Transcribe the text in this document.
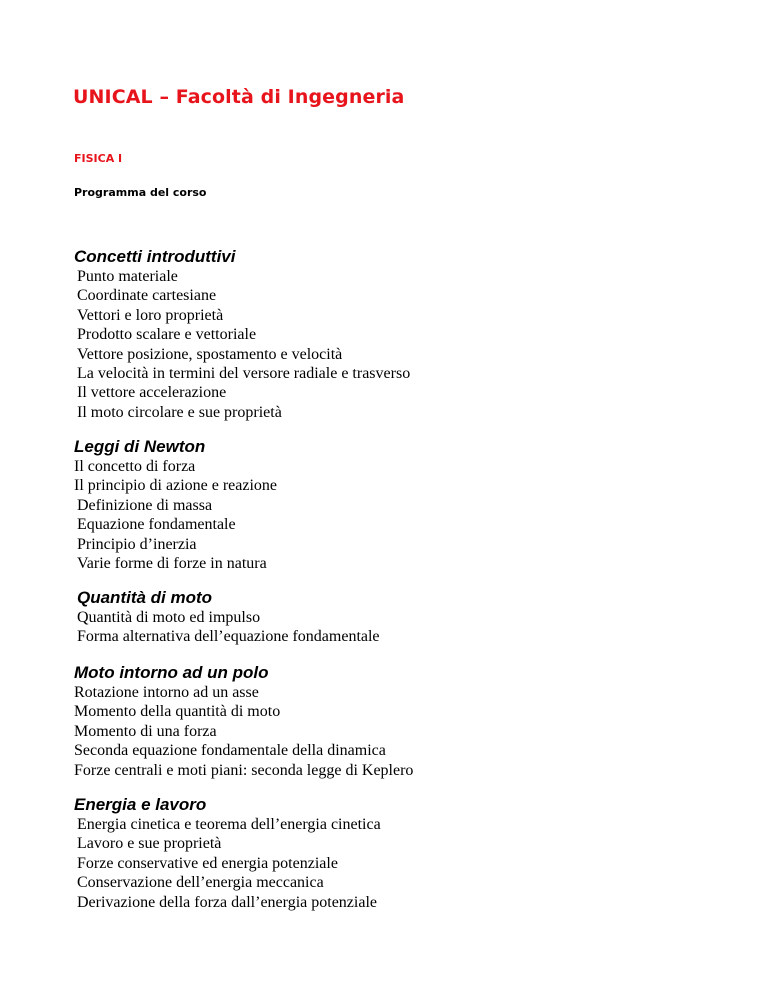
UNICAL – Facoltà di Ingegneria

FISICA I

Programma del corso

Concetti introduttivi
Punto materiale
Coordinate cartesiane
Vettori e loro proprietà
Prodotto scalare e vettoriale
Vettore posizione, spostamento e velocità
La velocità in termini del versore radiale e trasverso
Il vettore accelerazione
Il moto circolare e sue proprietà
Leggi di Newton
Il concetto di forza
Il principio di azione e reazione
Definizione di massa
Equazione fondamentale
Principio d’inerzia
Varie forme di forze in natura
Quantità di moto
Quantità di moto ed impulso
Forma alternativa dell’equazione fondamentale
Moto intorno ad un polo
Rotazione intorno ad un asse
Momento della quantità di moto
Momento di una forza
Seconda equazione fondamentale della dinamica
Forze centrali e moti piani: seconda legge di Keplero
Energia e lavoro
Energia cinetica e teorema dell’energia cinetica
Lavoro e sue proprietà
Forze conservative ed energia potenziale
Conservazione dell’energia meccanica
Derivazione della forza dall’energia potenziale
